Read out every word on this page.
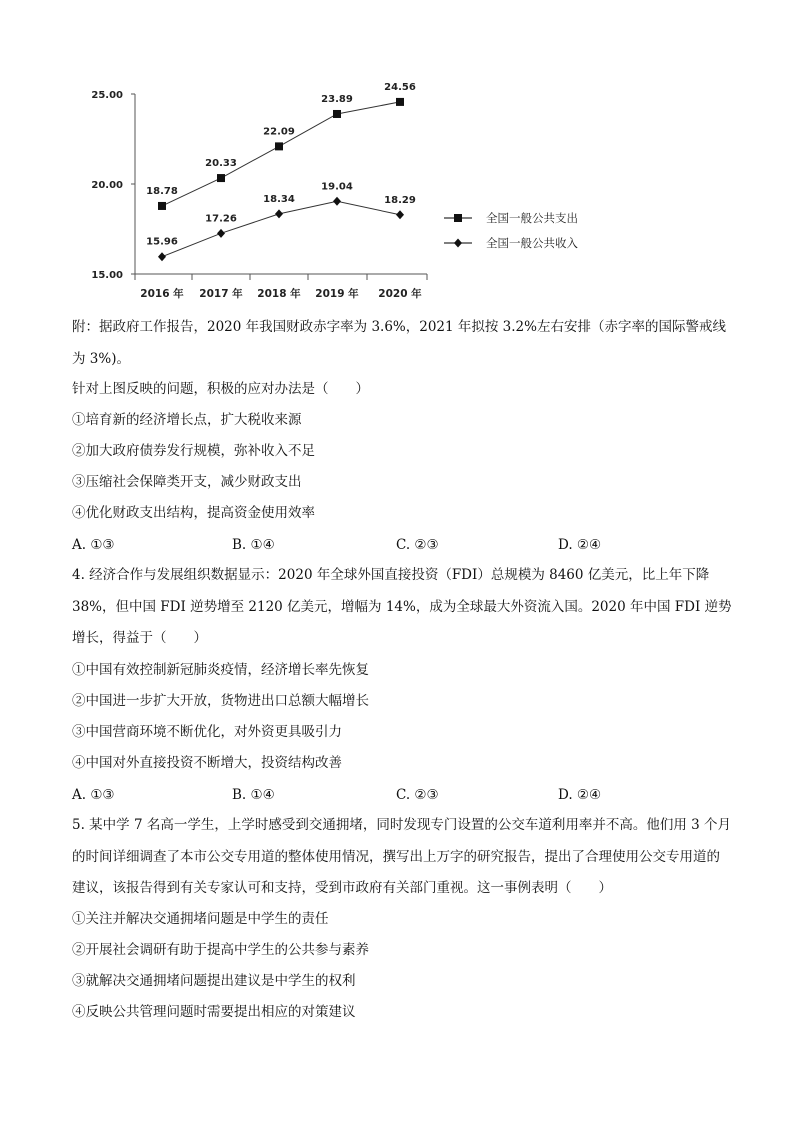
15.00
20.00
25.00
2016 年 2017 年 2018 年 2019 年 2020 年
18.78
20.33
22.09
23.89
24.56
15.96
17.26
18.34
19.04
18.29
全国一般公共支出
全国一般公共收入
附：据政府工作报告，2020 年我国财政赤字率为 3.6%，2021 年拟按 3.2%左右安排（赤字率的国际警戒线为 3%)。
针对上图反映的问题，积极的应对办法是（　　）
①培育新的经济增长点，扩大税收来源
②加大政府债券发行规模，弥补收入不足
③压缩社会保障类开支，减少财政支出
④优化财政支出结构，提高资金使用效率
A. ①③	B. ①④	C. ②③	D. ②④
4. 经济合作与发展组织数据显示：2020 年全球外国直接投资（FDI）总规模为 8460 亿美元，比上年下降 38%，但中国 FDI 逆势增至 2120 亿美元，增幅为 14%，成为全球最大外资流入国。2020 年中国 FDI 逆势增长，得益于（　　）
①中国有效控制新冠肺炎疫情，经济增长率先恢复
②中国进一步扩大开放，货物进出口总额大幅增长
③中国营商环境不断优化，对外资更具吸引力
④中国对外直接投资不断增大，投资结构改善
A. ①③	B. ①④	C. ②③	D. ②④
5. 某中学 7 名高一学生，上学时感受到交通拥堵，同时发现专门设置的公交车道利用率并不高。他们用 3 个月的时间详细调查了本市公交专用道的整体使用情况，撰写出上万字的研究报告，提出了合理使用公交专用道的建议，该报告得到有关专家认可和支持，受到市政府有关部门重视。这一事例表明（　　）
①关注并解决交通拥堵问题是中学生的责任
②开展社会调研有助于提高中学生的公共参与素养
③就解决交通拥堵问题提出建议是中学生的权利
④反映公共管理问题时需要提出相应的对策建议
